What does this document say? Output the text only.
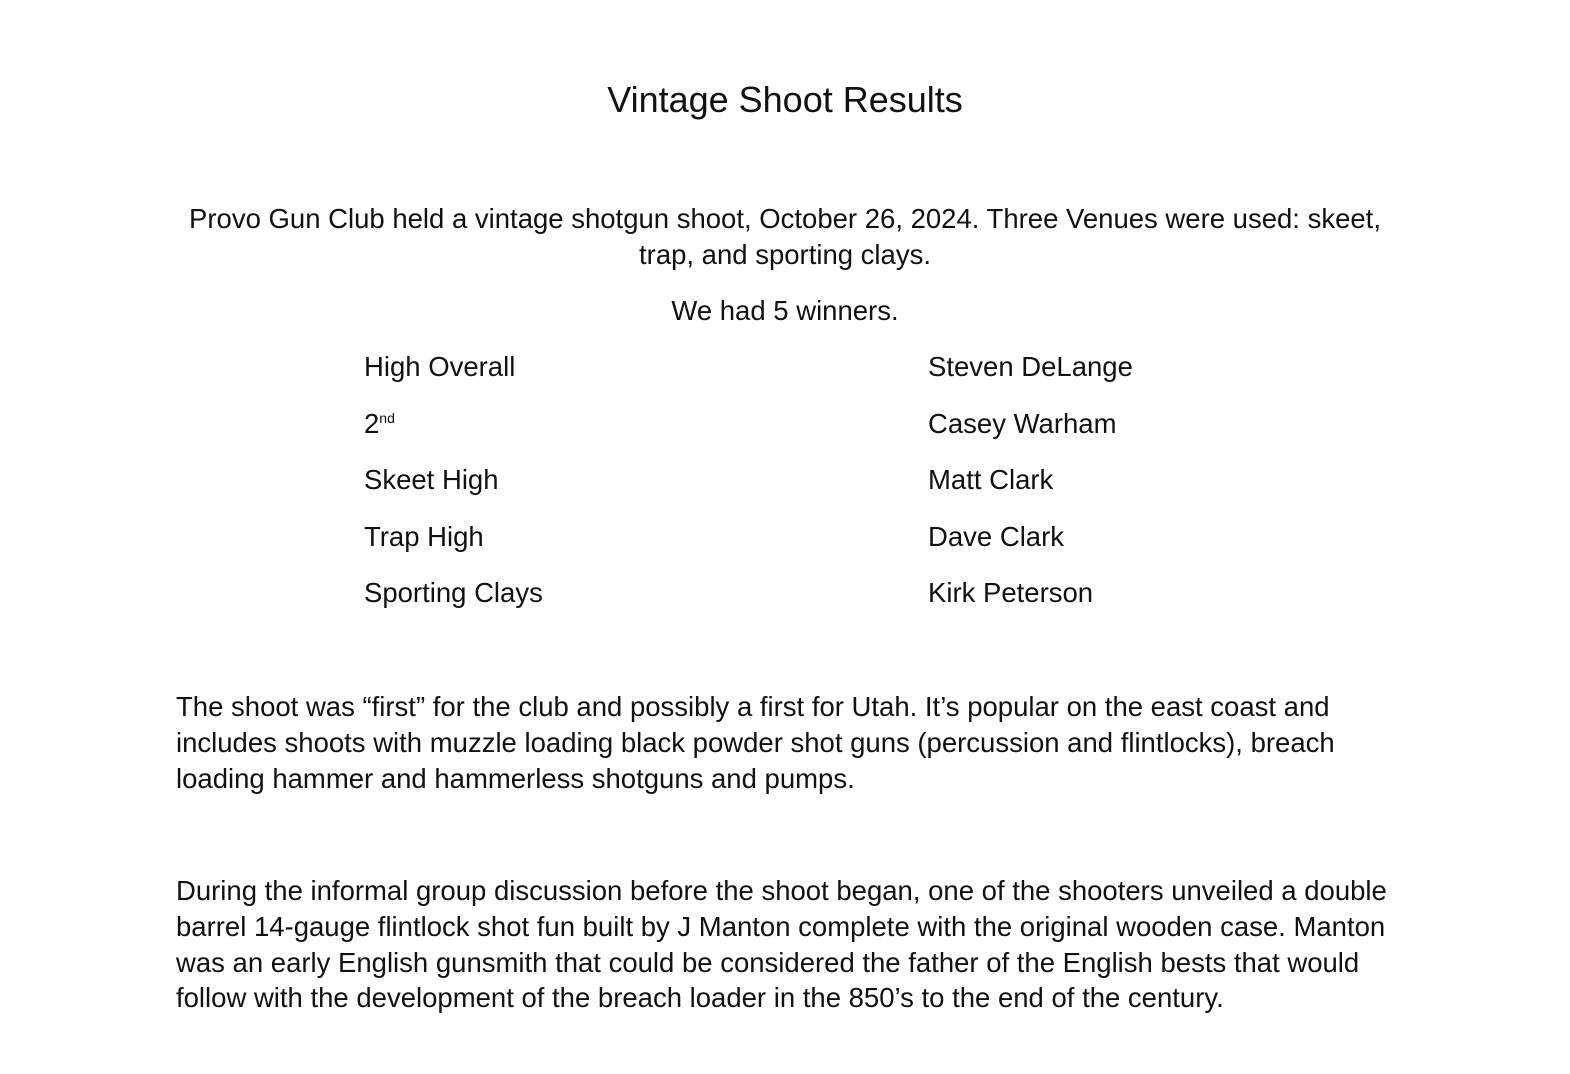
Vintage Shoot Results

Provo Gun Club held a vintage shotgun shoot, October 26, 2024. Three Venues were used: skeet, trap, and sporting clays.

We had 5 winners.

High Overall	Steven DeLange
2nd	Casey Warham
Skeet High	Matt Clark
Trap High	Dave Clark
Sporting Clays	Kirk Peterson

The shoot was “first” for the club and possibly a first for Utah. It’s popular on the east coast and includes shoots with muzzle loading black powder shot guns (percussion and flintlocks), breach loading hammer and hammerless shotguns and pumps.

During the informal group discussion before the shoot began, one of the shooters unveiled a double barrel 14-gauge flintlock shot fun built by J Manton complete with the original wooden case. Manton was an early English gunsmith that could be considered the father of the English bests that would follow with the development of the breach loader in the 850’s to the end of the century.
